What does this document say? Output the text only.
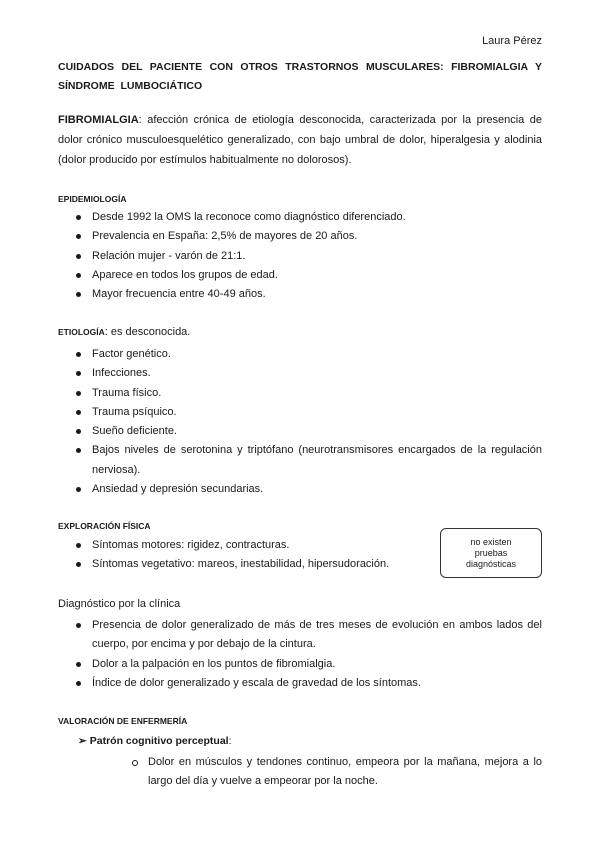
Laura Pérez
CUIDADOS DEL PACIENTE CON OTROS TRASTORNOS MUSCULARES: FIBROMIALGIA Y SÍNDROME LUMBOCIÁTICO
FIBROMIALGIA: afección crónica de etiología desconocida, caracterizada por la presencia de dolor crónico musculoesquelético generalizado, con bajo umbral de dolor, hiperalgesia y alodinia (dolor producido por estímulos habitualmente no dolorosos).
EPIDEMIOLOGÍA
Desde 1992 la OMS la reconoce como diagnóstico diferenciado.
Prevalencia en España: 2,5% de mayores de 20 años.
Relación mujer - varón de 21:1.
Aparece en todos los grupos de edad.
Mayor frecuencia entre 40-49 años.
ETIOLOGÍA: es desconocida.
Factor genético.
Infecciones.
Trauma físico.
Trauma psíquico.
Sueño deficiente.
Bajos niveles de serotonina y triptófano (neurotransmisores encargados de la regulación nerviosa).
Ansiedad y depresión secundarias.
EXPLORACIÓN FÍSICA
Síntomas motores: rigidez, contracturas.
Síntomas vegetativo: mareos, inestabilidad, hipersudoración.
no existen pruebas diagnósticas
Diagnóstico por la clínica
Presencia de dolor generalizado de más de tres meses de evolución en ambos lados del cuerpo, por encima y por debajo de la cintura.
Dolor a la palpación en los puntos de fibromialgia.
Índice de dolor generalizado y escala de gravedad de los síntomas.
VALORACIÓN DE ENFERMERÍA
➢ Patrón cognitivo perceptual:
Dolor en músculos y tendones continuo, empeora por la mañana, mejora a lo largo del día y vuelve a empeorar por la noche.
